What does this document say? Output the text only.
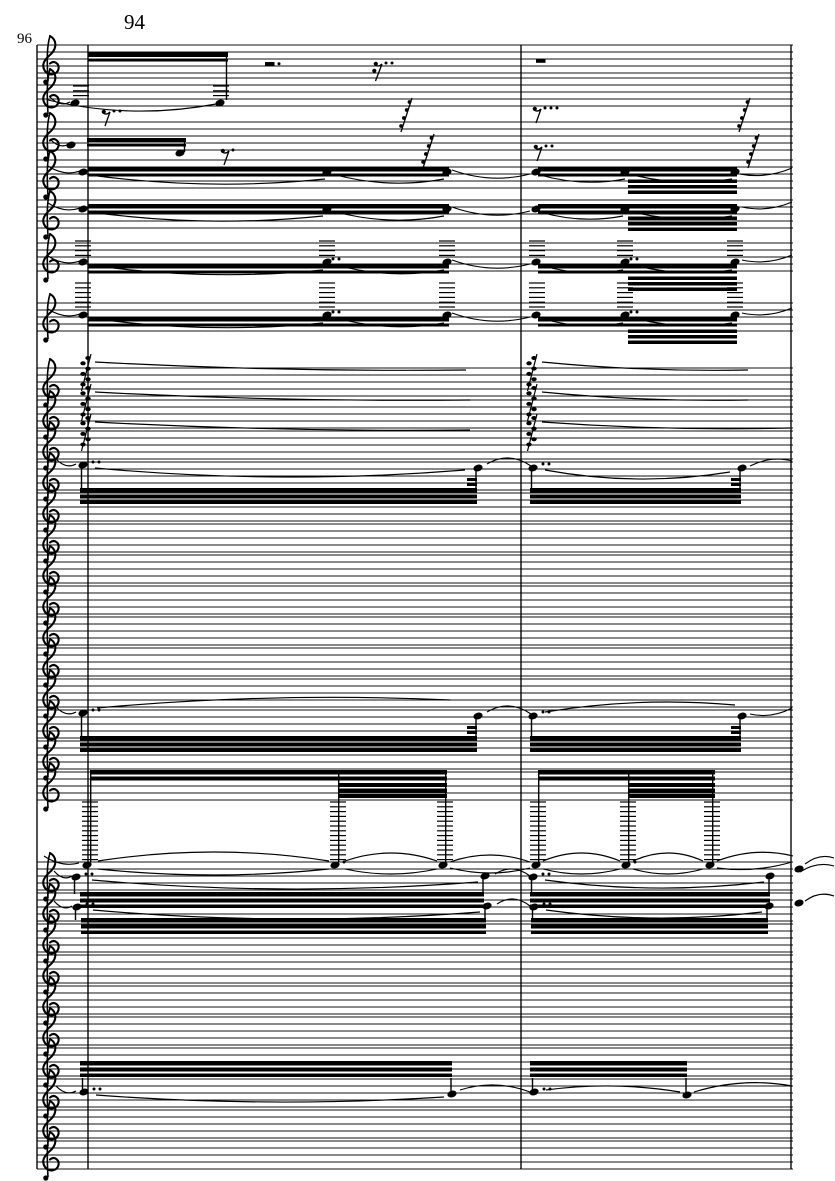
94
96
